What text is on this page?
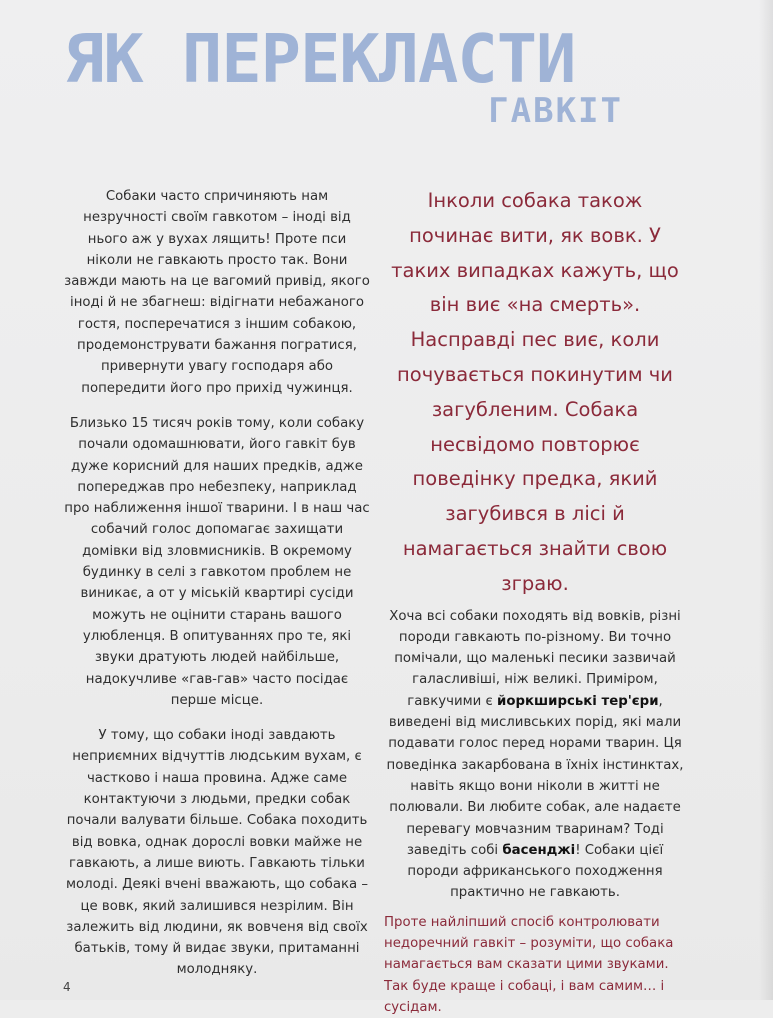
ЯК ПЕРЕКЛАСТИ
ГАВКІТ

Собаки часто спричиняють нам незручності своїм гавкотом – іноді від нього аж у вухах лящить! Проте пси ніколи не гавкають просто так. Вони завжди мають на це вагомий привід, якого іноді й не збагнеш: відігнати небажаного гостя, посперечатися з іншим собакою, продемонструвати бажання погратися, привернути увагу господаря або попередити його про прихід чужинця.

Близько 15 тисяч років тому, коли собаку почали одомашнювати, його гавкіт був дуже корисний для наших предків, адже попереджав про небезпеку, наприклад про наближення іншої тварини. І в наш час собачий голос допомагає захищати домівки від зловмисників. В окремому будинку в селі з гавкотом проблем не виникає, а от у міській квартирі сусіди можуть не оцінити старань вашого улюбленця. В опитуваннях про те, які звуки дратують людей найбільше, надокучливе «гав-гав» часто посідає перше місце.

У тому, що собаки іноді завдають неприємних відчуттів людським вухам, є частково і наша провина. Адже саме контактуючи з людьми, предки собак почали валувати більше. Собака походить від вовка, однак дорослі вовки майже не гавкають, а лише виють. Гавкають тільки молоді. Деякі вчені вважають, що собака – це вовк, який залишився незрілим. Він залежить від людини, як вовченя від своїх батьків, тому й видає звуки, притаманні молодняку.

Інколи собака також починає вити, як вовк. У таких випадках кажуть, що він виє «на смерть». Насправді пес виє, коли почувається покинутим чи загубленим. Собака несвідомо повторює поведінку предка, який загубився в лісі й намагається знайти свою зграю.

Хоча всі собаки походять від вовків, різні породи гавкають по-різному. Ви точно помічали, що маленькі песики зазвичай галасливіші, ніж великі. Приміром, гавкучими є йоркширські тер'єри, виведені від мисливських порід, які мали подавати голос перед норами тварин. Ця поведінка закарбована в їхніх інстинктах, навіть якщо вони ніколи в житті не полювали. Ви любите собак, але надаєте перевагу мовчазним тваринам? Тоді заведіть собі басенджі! Собаки цієї породи африканського походження практично не гавкають.

Проте найліпший спосіб контролювати недоречний гавкіт – розуміти, що собака намагається вам сказати цими звуками. Так буде краще і собаці, і вам самим… і сусідам.

4
